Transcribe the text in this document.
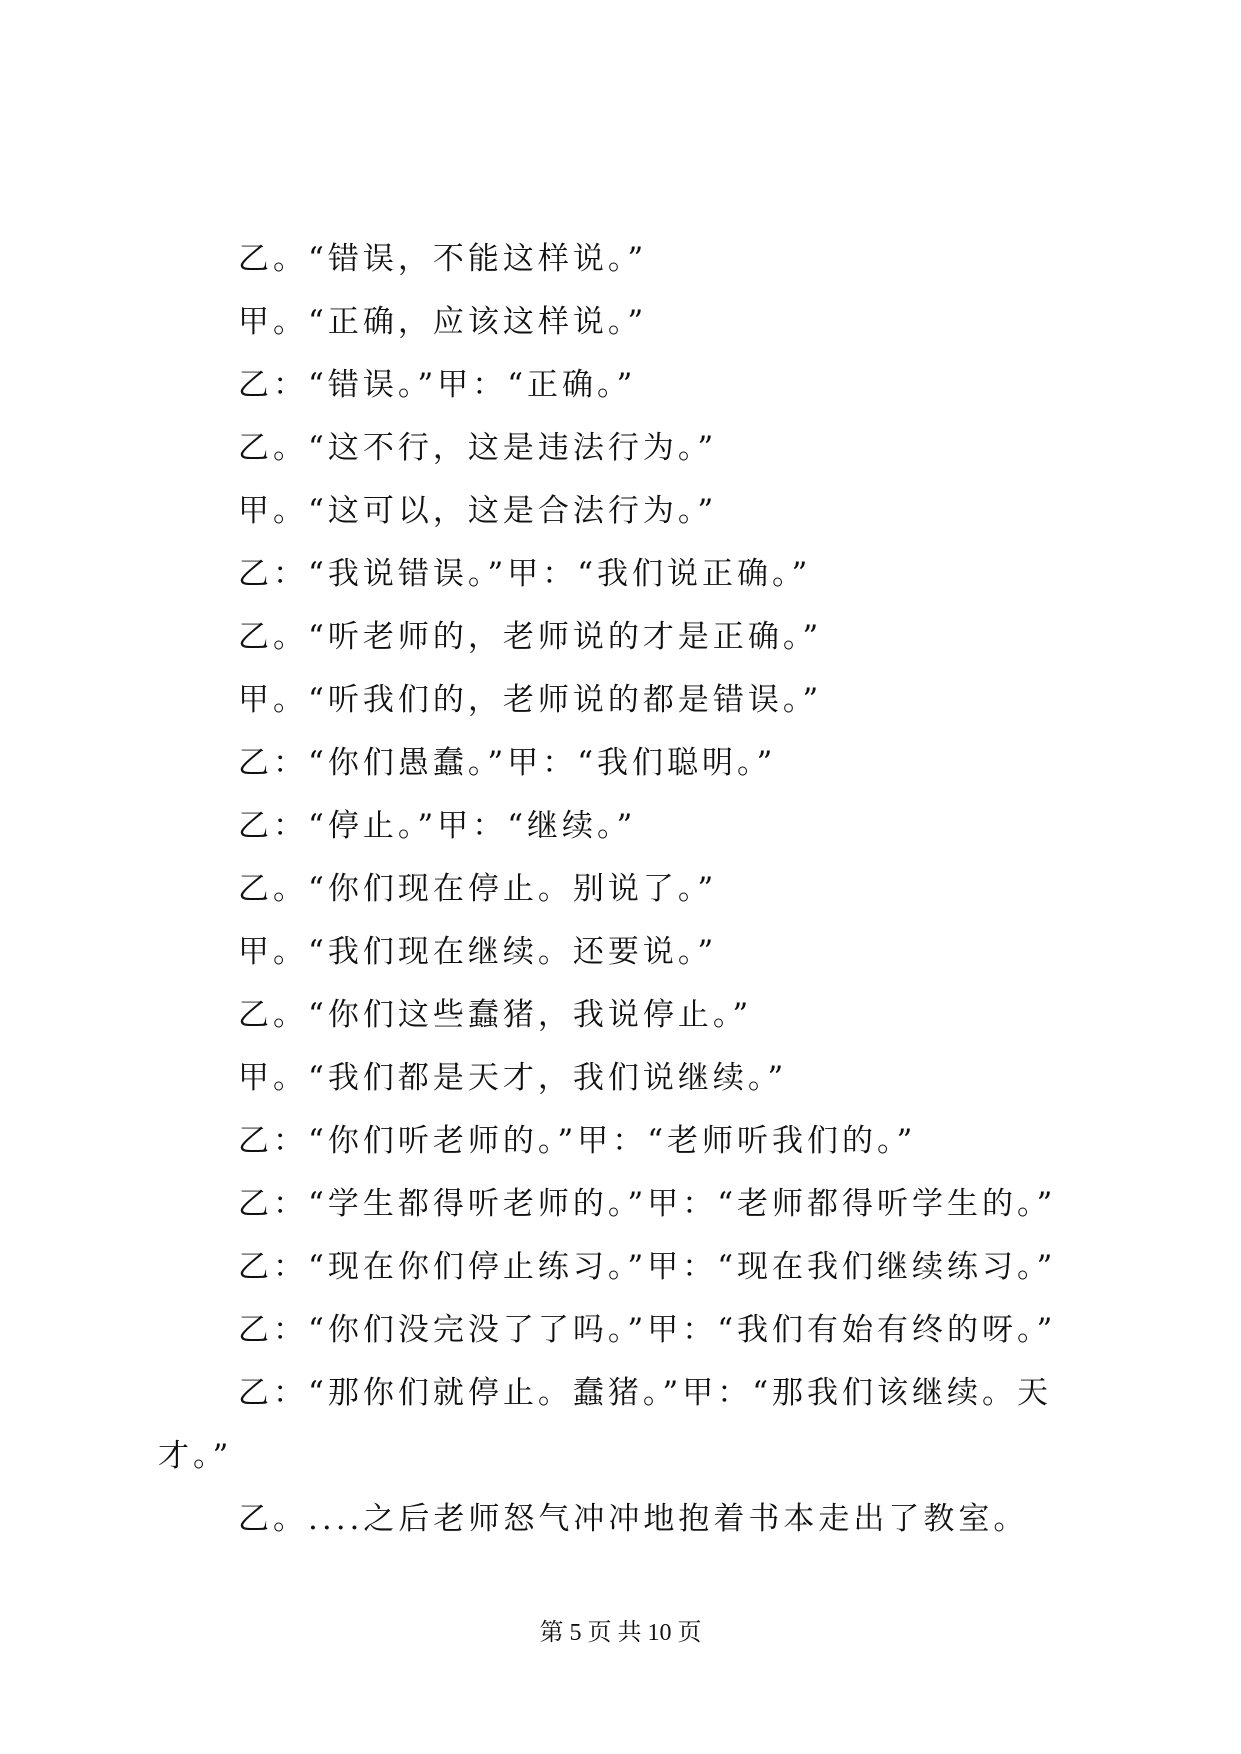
乙。“错误，不能这样说。”
甲。“正确，应该这样说。”
乙：“错误。”甲：“正确。”
乙。“这不行，这是违法行为。”
甲。“这可以，这是合法行为。”
乙：“我说错误。”甲：“我们说正确。”
乙。“听老师的，老师说的才是正确。”
甲。“听我们的，老师说的都是错误。”
乙：“你们愚蠢。”甲：“我们聪明。”
乙：“停止。”甲：“继续。”
乙。“你们现在停止。别说了。”
甲。“我们现在继续。还要说。”
乙。“你们这些蠢猪，我说停止。”
甲。“我们都是天才，我们说继续。”
乙：“你们听老师的。”甲：“老师听我们的。”
乙：“学生都得听老师的。”甲：“老师都得听学生的。”
乙：“现在你们停止练习。”甲：“现在我们继续练习。”
乙：“你们没完没了了吗。”甲：“我们有始有终的呀。”
乙：“那你们就停止。蠢猪。”甲：“那我们该继续。天
才。”
乙。....之后老师怒气冲冲地抱着书本走出了教室。
第 5 页 共 10 页
